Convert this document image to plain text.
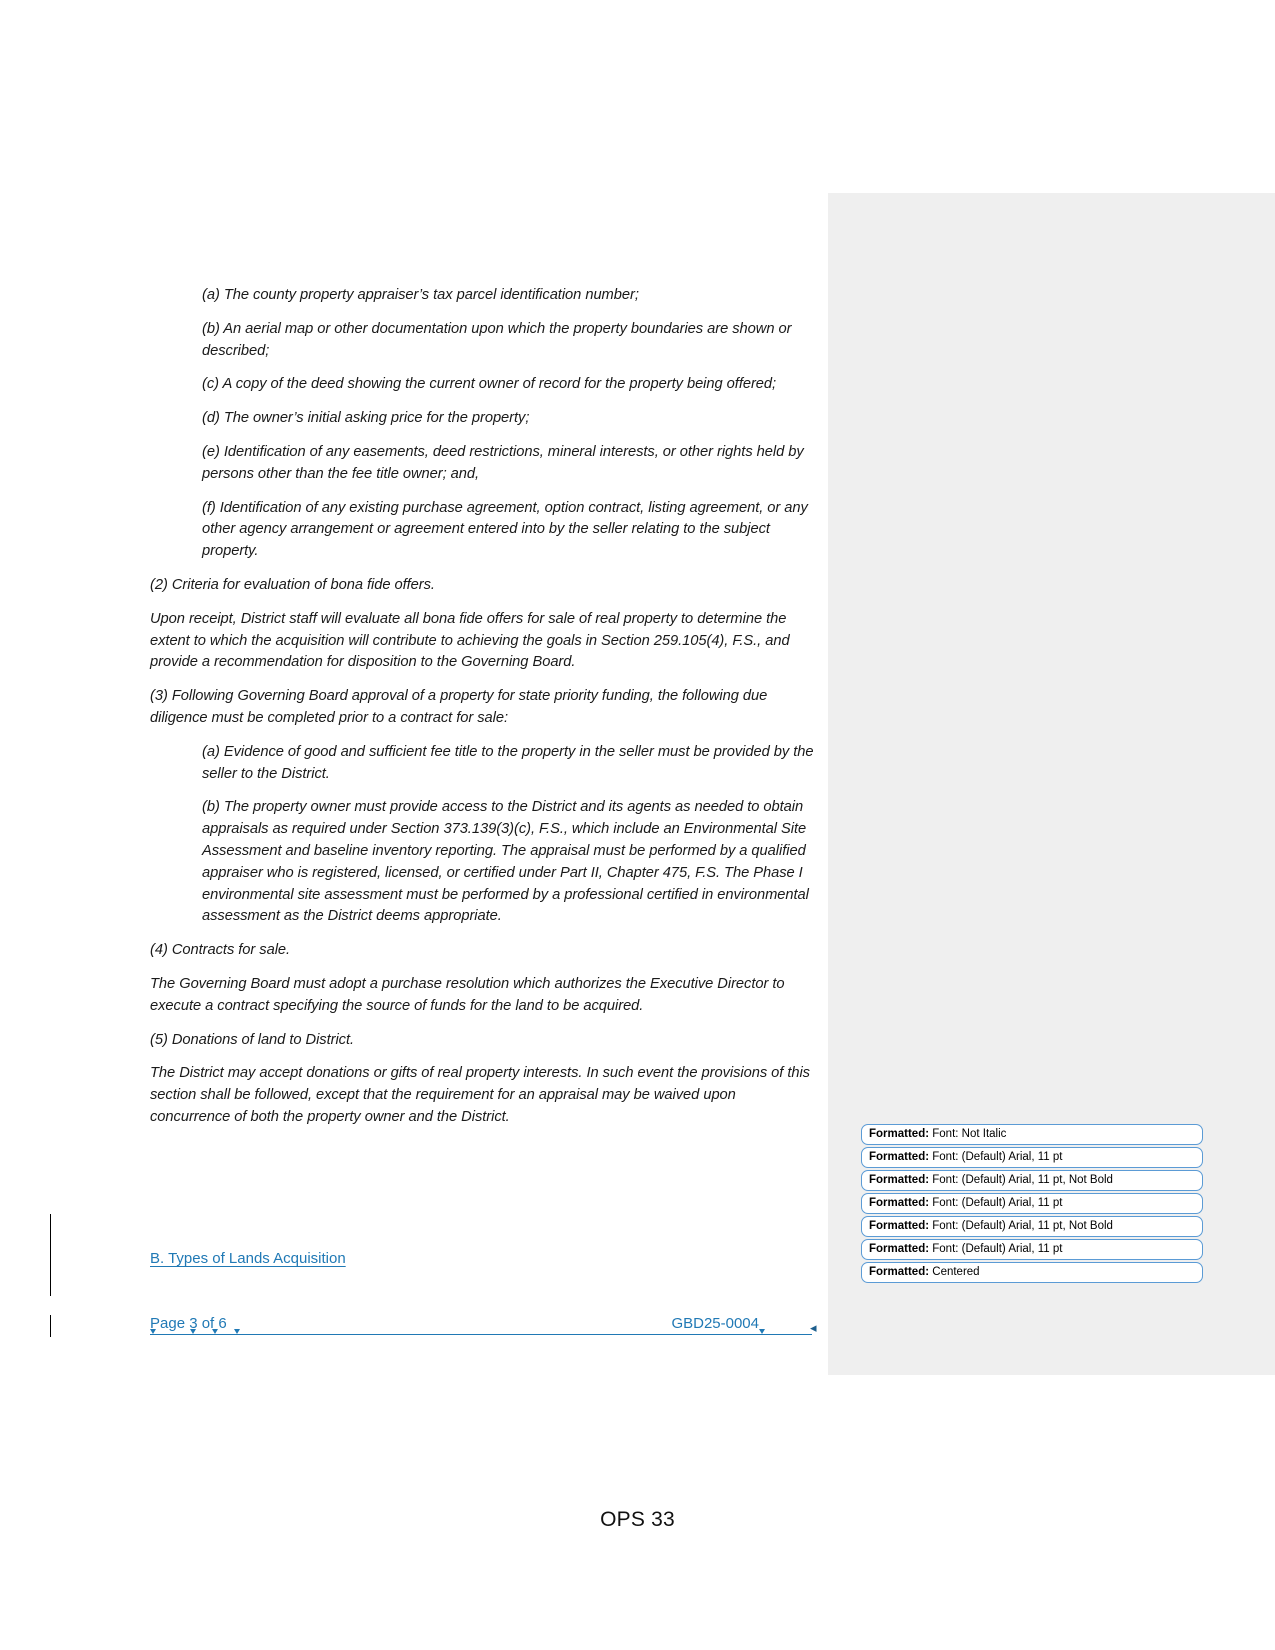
(a) The county property appraiser’s tax parcel identification number;

(b) An aerial map or other documentation upon which the property boundaries are shown or described;

(c) A copy of the deed showing the current owner of record for the property being offered;

(d) The owner’s initial asking price for the property;

(e) Identification of any easements, deed restrictions, mineral interests, or other rights held by persons other than the fee title owner; and,

(f) Identification of any existing purchase agreement, option contract, listing agreement, or any other agency arrangement or agreement entered into by the seller relating to the subject property.

(2) Criteria for evaluation of bona fide offers.

Upon receipt, District staff will evaluate all bona fide offers for sale of real property to determine the extent to which the acquisition will contribute to achieving the goals in Section 259.105(4), F.S., and provide a recommendation for disposition to the Governing Board.

(3) Following Governing Board approval of a property for state priority funding, the following due diligence must be completed prior to a contract for sale:

(a) Evidence of good and sufficient fee title to the property in the seller must be provided by the seller to the District.

(b) The property owner must provide access to the District and its agents as needed to obtain appraisals as required under Section 373.139(3)(c), F.S., which include an Environmental Site Assessment and baseline inventory reporting. The appraisal must be performed by a qualified appraiser who is registered, licensed, or certified under Part II, Chapter 475, F.S. The Phase I environmental site assessment must be performed by a professional certified in environmental assessment as the District deems appropriate.

(4) Contracts for sale.

The Governing Board must adopt a purchase resolution which authorizes the Executive Director to execute a contract specifying the source of funds for the land to be acquired.

(5) Donations of land to District.

The District may accept donations or gifts of real property interests. In such event the provisions of this section shall be followed, except that the requirement for an appraisal may be waived upon concurrence of both the property owner and the District.

B. Types of Lands Acquisition
Page 3 of 6	GBD25-0004	◂
Formatted: Font: Not Italic
Formatted: Font: (Default) Arial, 11 pt
Formatted: Font: (Default) Arial, 11 pt, Not Bold
Formatted: Font: (Default) Arial, 11 pt
Formatted: Font: (Default) Arial, 11 pt, Not Bold
Formatted: Font: (Default) Arial, 11 pt
Formatted: Centered
OPS 33
